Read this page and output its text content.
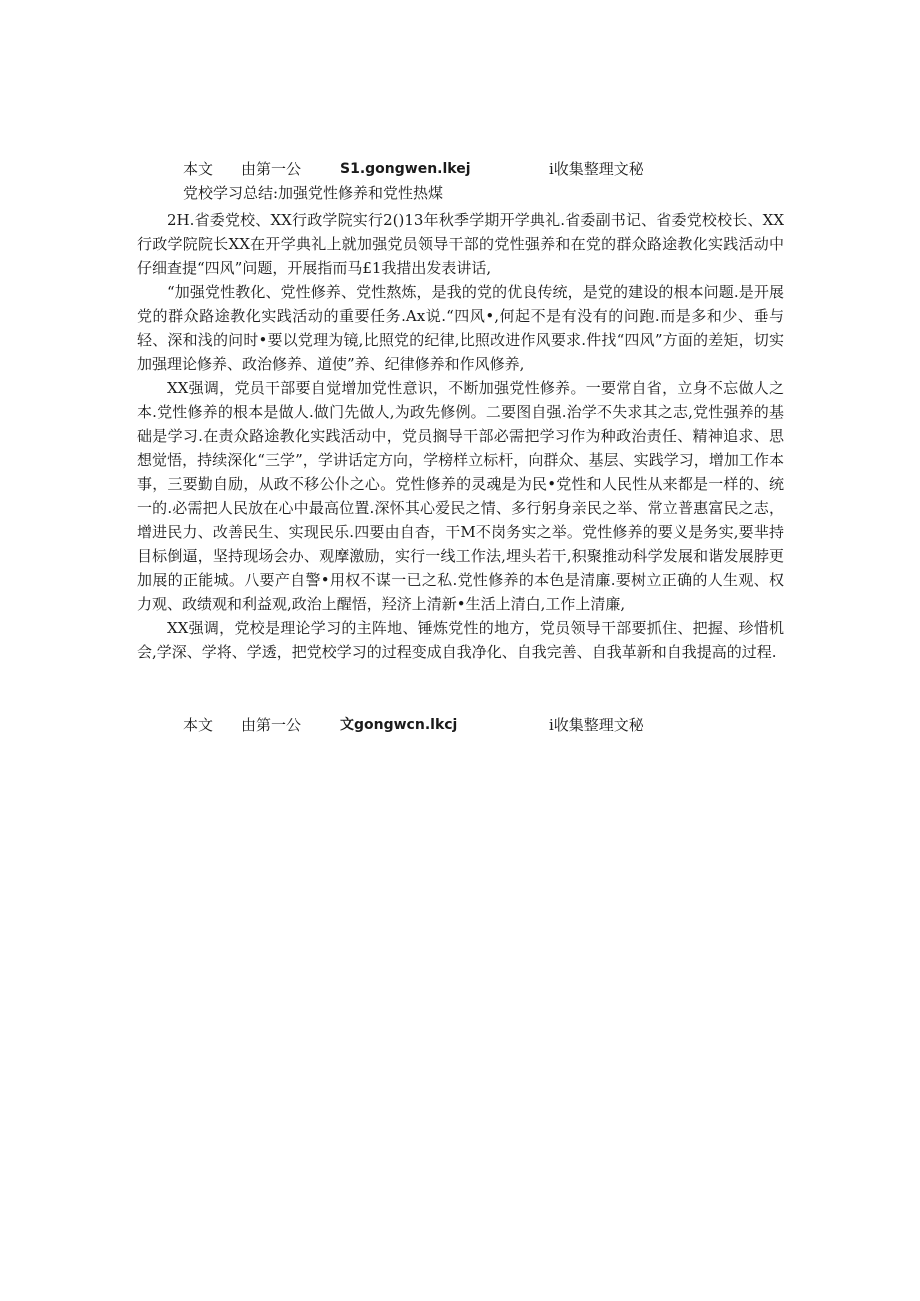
本文 由第一公	S1.gongwen.lkej	i收集整理文秘
党校学习总结:加强党性修养和党性热煤

2H.省委党校、XX行政学院实行2()13年秋季学期开学典礼.省委副书记、省委党校校长、XX行政学院院长XX在开学典礼上就加强党员领导干部的党性强养和在党的群众路途教化实践活动中仔细查提“四风”问题，开展指而马£1我措出发表讲话,

“加强党性教化、党性修养、党性熬炼，是我的党的优良传统，是党的建设的根本问题.是开展党的群众路途教化实践活动的重要任务.Ax说.“四风•,何起不是有没有的问跑.而是多和少、垂与轻、深和浅的问时•要以党理为镜,比照党的纪律,比照改进作风要求.件找“四风”方面的差矩，切实加强理论修养、政治修养、道使”养、纪律修养和作风修养,

XX强调，党员干部要自觉增加党性意识，不断加强党性修养。一要常自省，立身不忘做人之本.党性修养的根本是做人.做门先做人,为政先修例。二要图自强.治学不失求其之志,党性强养的基础是学习.在责众路途教化实践活动中，党员搁导干部必需把学习作为种政治责任、精神追求、思想觉悟，持续深化“三学”，学讲话定方向，学榜样立标杆，向群众、基层、实践学习，增加工作本事，三要勤自励，从政不移公仆之心。党性修养的灵魂是为民•党性和人民性从来都是一样的、统一的.必需把人民放在心中最高位置.深怀其心爱民之情、多行躬身亲民之举、常立普惠富民之志，增进民力、改善民生、实现民乐.四要由自杳，干M不岗务实之举。党性修养的要义是务实,要芈持目标倒逼，坚持现场会办、观摩激励，实行一线工作法,埋头若干,积聚推动科学发展和谐发展脖更加展的正能城。八要产自警•用权不谋一已之私.党性修养的本色是清廉.要树立正确的人生观、权力观、政绩观和利益观,政治上醒悟，羟济上清新•生活上清白,工作上清廉,

XX强调，党校是理论学习的主阵地、锤炼党性的地方，党员领导干部要抓住、把握、珍惜机会,学深、学将、学透，把党校学习的过程变成自我净化、自我完善、自我革新和自我提高的过程.

本文 由第一公	文gongwcn.lkcj	i收集整理文秘
